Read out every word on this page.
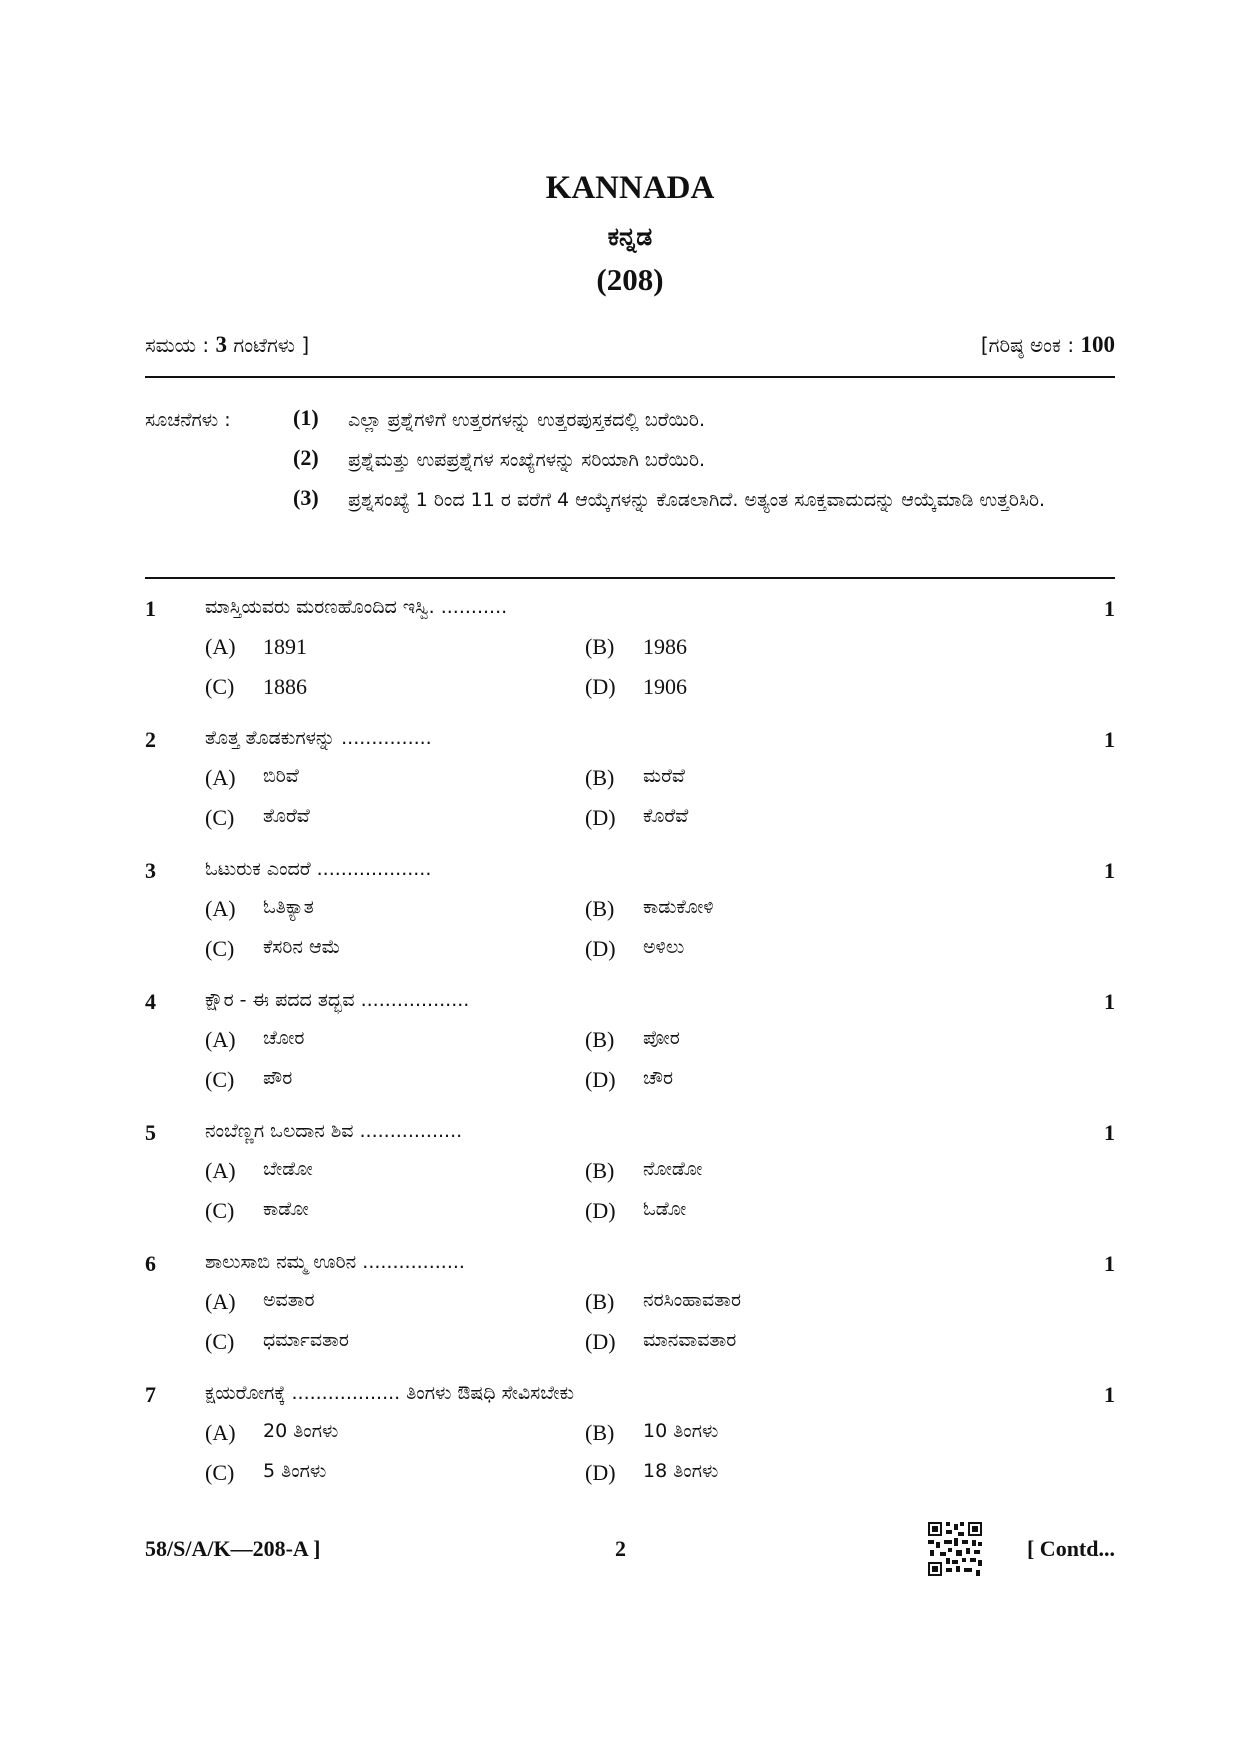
KANNADA
ಕನ್ನಡ
(208)
ಸಮಯ : 3 ಗಂಟೆಗಳು ]	[ಗರಿಷ್ಠ ಅಂಕ : 100
ಸೂಚನೆಗಳು :	(1) ಎಲ್ಲಾ ಪ್ರಶ್ನೆಗಳಿಗೆ ಉತ್ತರಗಳನ್ನು ಉತ್ತರಪುಸ್ತಕದಲ್ಲಿ ಬರೆಯಿರಿ.
(2) ಪ್ರಶ್ನೆಮತ್ತು ಉಪಪ್ರಶ್ನೆಗಳ ಸಂಖ್ಯೆಗಳನ್ನು ಸರಿಯಾಗಿ ಬರೆಯಿರಿ.
(3) ಪ್ರಶ್ನಸಂಖ್ಯೆ 1 ರಿಂದ 11 ರ ವರೆಗೆ 4 ಆಯ್ಕೆಗಳನ್ನು ಕೊಡಲಾಗಿದೆ. ಅತ್ಯಂತ ಸೂಕ್ತವಾದುದನ್ನು ಆಯ್ಕೆಮಾಡಿ ಉತ್ತರಿಸಿರಿ.
1	ಮಾಸ್ತಿಯವರು ಮರಣಹೊಂದಿದ ಇಸ್ವಿ. ...........	1
(A) 1891	(B) 1986
(C) 1886	(D) 1906
2	ತೊತ್ತ ತೊಡಕುಗಳನ್ನು ...............	1
(A) ಬಿರಿವೆ	(B) ಮರೆವೆ
(C) ತೊರೆವೆ	(D) ಕೊರೆವೆ
3	ಓಟುರುಕ ಎಂದರೆ ...................	1
(A) ಓತಿಕ್ಯಾತ	(B) ಕಾಡುಕೋಳಿ
(C) ಕೆಸರಿನ ಆಮೆ	(D) ಅಳಿಲು
4	ಕ್ಷೌರ - ಈ ಪದದ ತದ್ಭವ ..................	1
(A) ಚೋರ	(B) ಪೋರ
(C) ಪೌರ	(D) ಚೌರ
5	ನಂಬೆಣ್ಣಗ ಒಲದಾನ ಶಿವ .................	1
(A) ಬೇಡೋ	(B) ನೋಡೋ
(C) ಕಾಡೋ	(D) ಓಡೋ
6	ಶಾಲುಸಾಬಿ ನಮ್ಮ ಊರಿನ .................	1
(A) ಅವತಾರ	(B) ನರಸಿಂಹಾವತಾರ
(C) ಧರ್ಮಾವತಾರ	(D) ಮಾನವಾವತಾರ
7	ಕ್ಷಯರೋಗಕ್ಕೆ .................. ತಿಂಗಳು ಔಷಧಿ ಸೇವಿಸಬೇಕು	1
(A) 20 ತಿಂಗಳು	(B) 10 ತಿಂಗಳು
(C) 5 ತಿಂಗಳು	(D) 18 ತಿಂಗಳು
58/S/A/K—208-A ]	2	[ Contd...
